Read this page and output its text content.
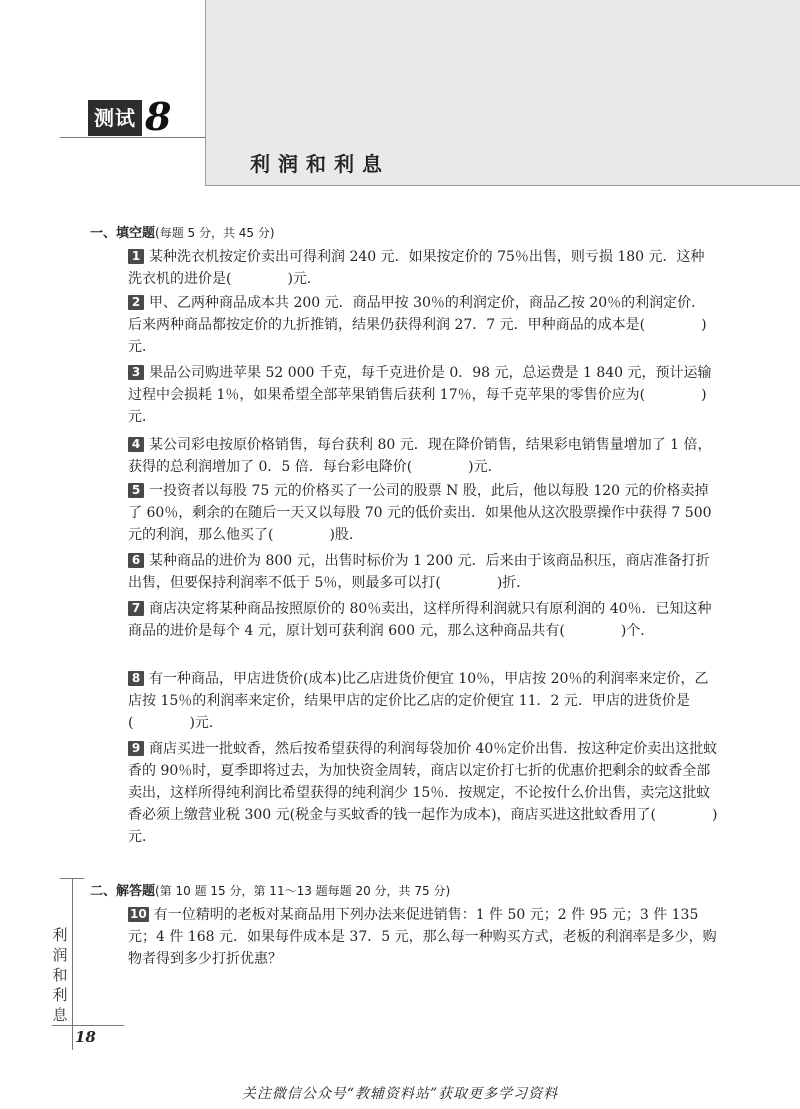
测试 8
利润和利息
一、填空题(每题 5 分，共 45 分)
1 某种洗衣机按定价卖出可得利润 240 元．如果按定价的 75％出售，则亏损 180 元．这种洗衣机的进价是(　　　　)元．
2 甲、乙两种商品成本共 200 元．商品甲按 30％的利润定价，商品乙按 20％的利润定价．后来两种商品都按定价的九折推销，结果仍获得利润 27．7 元．甲种商品的成本是(　　　　)元．
3 果品公司购进苹果 52 000 千克，每千克进价是 0．98 元，总运费是 1 840 元，预计运输过程中会损耗 1％，如果希望全部苹果销售后获利 17％，每千克苹果的零售价应为(　　　　)元．
4 某公司彩电按原价格销售，每台获利 80 元．现在降价销售，结果彩电销售量增加了 1 倍，获得的总利润增加了 0．5 倍．每台彩电降价(　　　　)元．
5 一投资者以每股 75 元的价格买了一公司的股票 N 股，此后，他以每股 120 元的价格卖掉了 60％，剩余的在随后一天又以每股 70 元的低价卖出．如果他从这次股票操作中获得 7 500 元的利润，那么他买了(　　　　)股．
6 某种商品的进价为 800 元，出售时标价为 1 200 元．后来由于该商品积压，商店准备打折出售，但要保持利润率不低于 5％，则最多可以打(　　　　)折．
7 商店决定将某种商品按照原价的 80％卖出，这样所得利润就只有原利润的 40％．已知这种商品的进价是每个 4 元，原计划可获利润 600 元，那么这种商品共有(　　　　)个．
8 有一种商品，甲店进货价(成本)比乙店进货价便宜 10％，甲店按 20％的利润率来定价，乙店按 15％的利润率来定价，结果甲店的定价比乙店的定价便宜 11．2 元．甲店的进货价是(　　　　)元．
9 商店买进一批蚊香，然后按希望获得的利润每袋加价 40％定价出售．按这种定价卖出这批蚊香的 90％时，夏季即将过去，为加快资金周转，商店以定价打七折的优惠价把剩余的蚊香全部卖出，这样所得纯利润比希望获得的纯利润少 15％．按规定，不论按什么价出售，卖完这批蚊香必须上缴营业税 300 元(税金与买蚊香的钱一起作为成本)，商店买进这批蚊香用了(　　　　)元．
二、解答题(第 10 题 15 分，第 11～13 题每题 20 分，共 75 分)
10 有一位精明的老板对某商品用下列办法来促进销售：1 件 50 元；2 件 95 元；3 件 135 元；4 件 168 元．如果每件成本是 37．5 元，那么每一种购买方式，老板的利润率是多少，购物者得到多少打折优惠？
利润和利息
18
关注微信公众号“教辅资料站”获取更多学习资料
